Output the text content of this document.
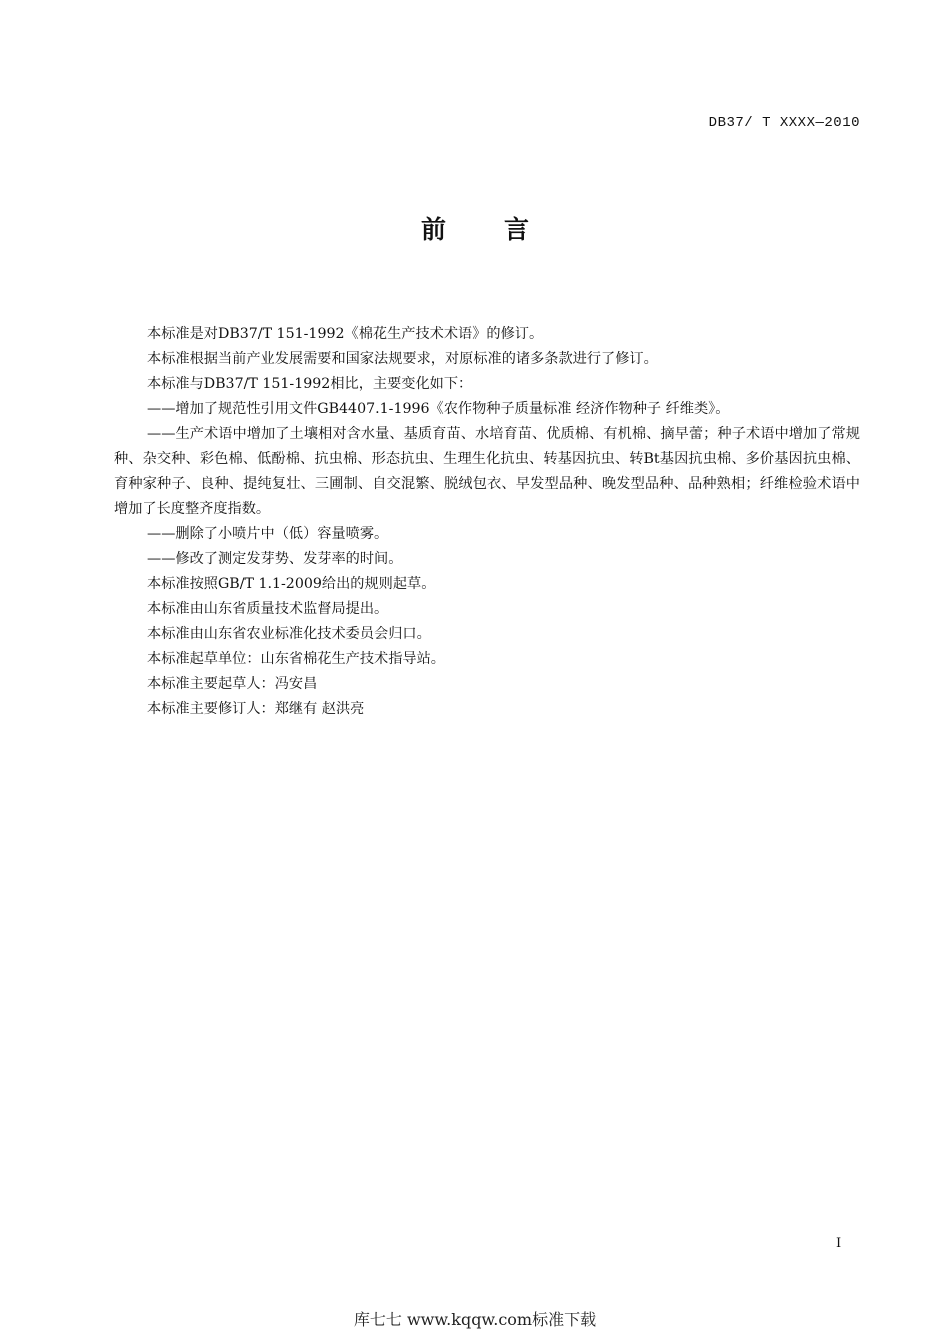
DB37/ T XXXX—2010
前言

本标准是对DB37/T 151-1992《棉花生产技术术语》的修订。

本标准根据当前产业发展需要和国家法规要求，对原标准的诸多条款进行了修订。

本标准与DB37/T 151-1992相比，主要变化如下：

——增加了规范性引用文件GB4407.1-1996《农作物种子质量标准 经济作物种子 纤维类》。

——生产术语中增加了土壤相对含水量、基质育苗、水培育苗、优质棉、有机棉、摘早蕾；种子术语中增加了常规种、杂交种、彩色棉、低酚棉、抗虫棉、形态抗虫、生理生化抗虫、转基因抗虫、转Bt基因抗虫棉、多价基因抗虫棉、育种家种子、良种、提纯复壮、三圃制、自交混繁、脱绒包衣、早发型品种、晚发型品种、品种熟相；纤维检验术语中增加了长度整齐度指数。

——删除了小喷片中（低）容量喷雾。

——修改了测定发芽势、发芽率的时间。

本标准按照GB/T 1.1-2009给出的规则起草。

本标准由山东省质量技术监督局提出。

本标准由山东省农业标准化技术委员会归口。

本标准起草单位：山东省棉花生产技术指导站。

本标准主要起草人：冯安昌

本标准主要修订人：郑继有 赵洪亮

I
库七七 www.kqqw.com标准下载
